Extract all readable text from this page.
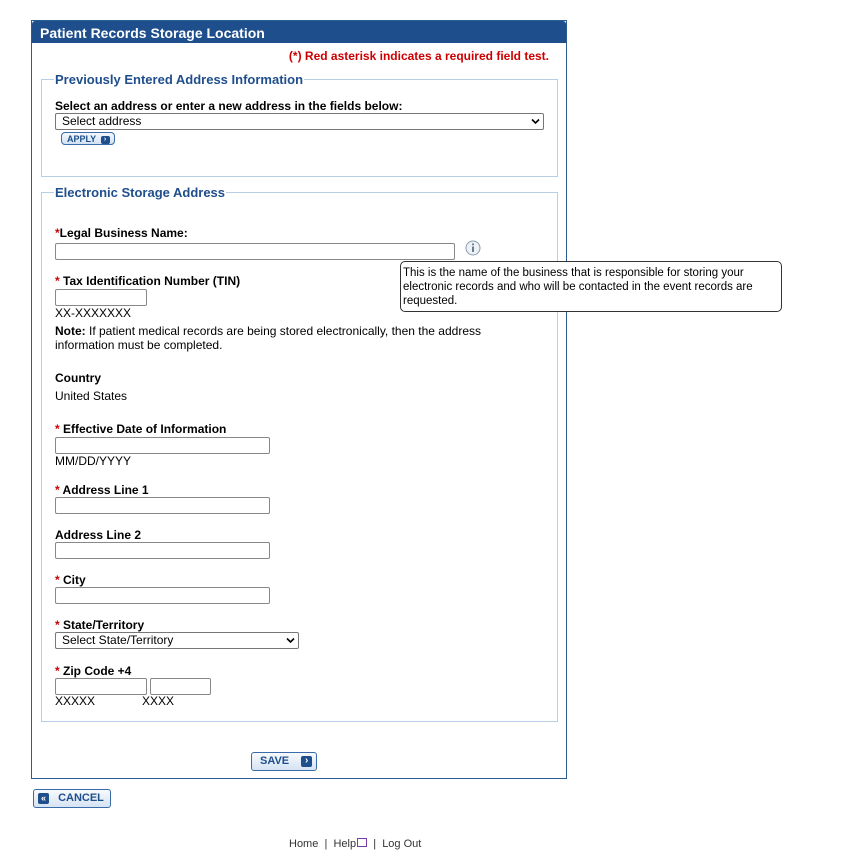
Patient Records Storage Location
(*) Red asterisk indicates a required field test.
Previously Entered Address Information
Select an address or enter a new address in the fields below:
Select address
APPLY ›
Electronic Storage Address
*Legal Business Name:
* Tax Identification Number (TIN)
XX-XXXXXXX
Note: If patient medical records are being stored electronically, then the address information must be completed.
Country
United States
* Effective Date of Information
MM/DD/YYYY
* Address Line 1
Address Line 2
* City
* State/Territory
Select State/Territory
* Zip Code +4
XXXXX	XXXX
SAVE ›
« CANCEL
This is the name of the business that is responsible for storing your electronic records and who will be contacted in the event records are requested.
Home | Help | Log Out
